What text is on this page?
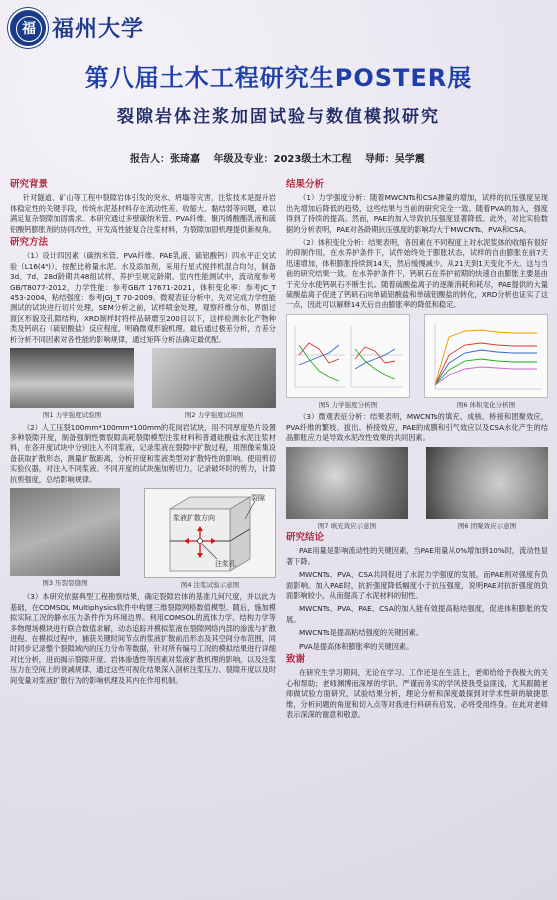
福 福州大学
第八届土木工程研究生POSTER展
裂隙岩体注浆加固试验与数值模拟研究
报告人：张琦嘉 年级及专业：2023级土木工程 导师：吴学震
研究背景

针对隧道、矿山等工程中裂隙岩体引发的突水、坍塌等灾害，注浆技术是提升岩体稳定性的关键手段，传统水泥基材料存在流动性差、收缩大、黏结弱等问题，难以满足复杂裂隙加固需求。本研究通过多壁碳纳米管、PVA纤维、聚丙烯酸酯乳液和硫铝酸钙膨胀剂的协同改性，开发高性能复合注浆材料，为裂隙加固机理提供新视角。

研究方法

（1）设计四因素（碳纳米管、PVA纤维、PAE乳液、硫铝酸钙）四水平正交试验（L16(4⁴)），按配比称量水泥、水及添加剂，采用行星式搅拌机混合均匀，制备3d、7d、28d龄期共48组试样，养护至规定龄期。室内性能测试中，流动度参考GB/T8077-2012，力学性能：参考GB/T 17671-2021，体积变化率：参考JC_T 453-2004，粘结强度：参考JGJ_T 70-2009。微观表征分析中，先对完成力学性能测试的试块进行切片处理，SEM分析之前，试样喷金处理，观察纤维分布、界面过渡区形貌及孔隙结构，XRD制样时将样品研磨至200目以下，这样检测水化产物种类及钙矾石（硫铝酸盐）反应程度，明确微观形貌机理。最后通过极差分析，方差分析分析不同因素对各性能的影响规律，通过矩阵分析法确定最优配。

图1 力学强度试验图	图2 力学强度试块图

（2）人工压裂100mm*100mm*100mm的花岗岩试块，用不同厚度垫片设置多种裂隙开度，制备强制性微裂隙高耗裂隙模型注浆材料和普通硅酸盐水泥注浆材料，在各开度试块中分别注入不同浆液，记录浆液在裂隙中扩散过程，用图像采集设备获取扩散形态，测量扩散距离，分析开度和浆液类型对扩散特性的影响。使用剪切实验仪器，对注入不同浆液、不同开度的试块施加剪切力，记录破坏时的剪力，计算抗剪强度，总结影响规律。

图3 压裂裂缝图
裂隙
浆液扩散方向
注浆孔
图4 注浆试验示意图

（3）本研究依据典型工程勘察结果，确定裂隙岩体的基准几何尺度，并以此为基础，在COMSOL Multiphysics软件中构建三维裂隙网格数值模型。随后，施加模拟实际工况的静水压力条件作为环境边界。利用COMSOL的流体力学、结构力学等多物理场模块进行联合数值求解，动态追踪并模拟浆液在裂隙网络内部的渗流与扩散进程。在模拟过程中，捕获关键时间节点的浆液扩散前沿形态及其空间分布范围，同时同步记录整个裂隙域内的压力分布等数据，针对所有编号工况的模拟结果进行详细对比分析，进而揭示裂隙开度、岩体渗透性等因素对浆液扩散机理的影响，以及注浆压力在空间上的衰减规律，通过这些可视化结果深入剖析注浆压力、裂隙开度以及时间变量对浆液扩散行为的影响机理及其内在作用机制。

结果分析

（1）力学强度分析：随着MWCNTs和CSA掺量的增加，试样的抗压强度呈现出先增加后降低的趋势，这些结果与当前的研究完全一致。随着PVA的加入，强度得到了持续的提高。然而，PAE的加入导致抗压强度显著降低。此外，对比实验数据的分析表明，PAE对各龄期抗压强度的影响均大于MWCNTs、PVA和CSA。

（2）体积变化分析：结果表明，各因素在不同程度上对水泥浆体的收缩有很好的抑制作用，在水养护条件下，试件始终处于膨胀状态，试样的自由膨胀在前7天迅速增加，体积膨胀持续到14天，然后缓慢减少。从21天到1天变化不大。这与当前的研究结果一致。在水养护条件下，钙矾石在养护初期的快速自由膨胀主要是由于充分水使钙矾石不断生长。随着硫酸盐离子的逐渐消耗和耗尽，PAE提供的大量硫酸盐离子促进了钙矾石向单硫铝酸盐和单硫铝酸盐的转化，XRD分析也证实了这一点，因此可以解释14天后自由膨胀率的降低和稳定。

图5 力学强度分析图	图6 体积变化分析图

（3）微观表征分析：结果表明，MWCNTs的填充、成核、桥接和团聚效应，PVA纤维的繁枝、拔出、桥接效应，PAE的成膜和引气效应以及CSA水化产生的结晶膨胀应力是导致水泥改性效果的共同因素。

图7 填充效应示意图	图6 团聚效应示意图
研究结论

PAE用量是影响流动性的关键因素，当PAE用量从0%增加到10%时，流动性显著下降。

MWCNTs、PVA、CSA共同促进了水泥力学强度的发展，而PAE则对强度有负面影响。加入PAE时，抗折强度降低幅度小于抗压强度，说明PAE对抗折强度的负面影响较小，从而提高了水泥材料的韧性。

MWCNTs、PVA、PAE、CSA的加入能有效提高粘结强度，促进体积膨胀的发展。

MWCNTs是提高粘结强度的关键因素。

PVA是提高体积膨胀率的关键因素。

致谢

在研究生学习期间，无论在学习、工作还是在生活上，老师给给予我极大的关心和帮助；老师渊博而深厚的学识、严谨而务实的学风使我受益匪浅，尤其跟随老师做试验方面研究，试验结果分析，理论分析和深度最探到对学术性研的敏捷思维，分析问题的角度和切入点等对我进行科研有启发，必将受用终身。在此对老师表示深深的谢意和敬意。
